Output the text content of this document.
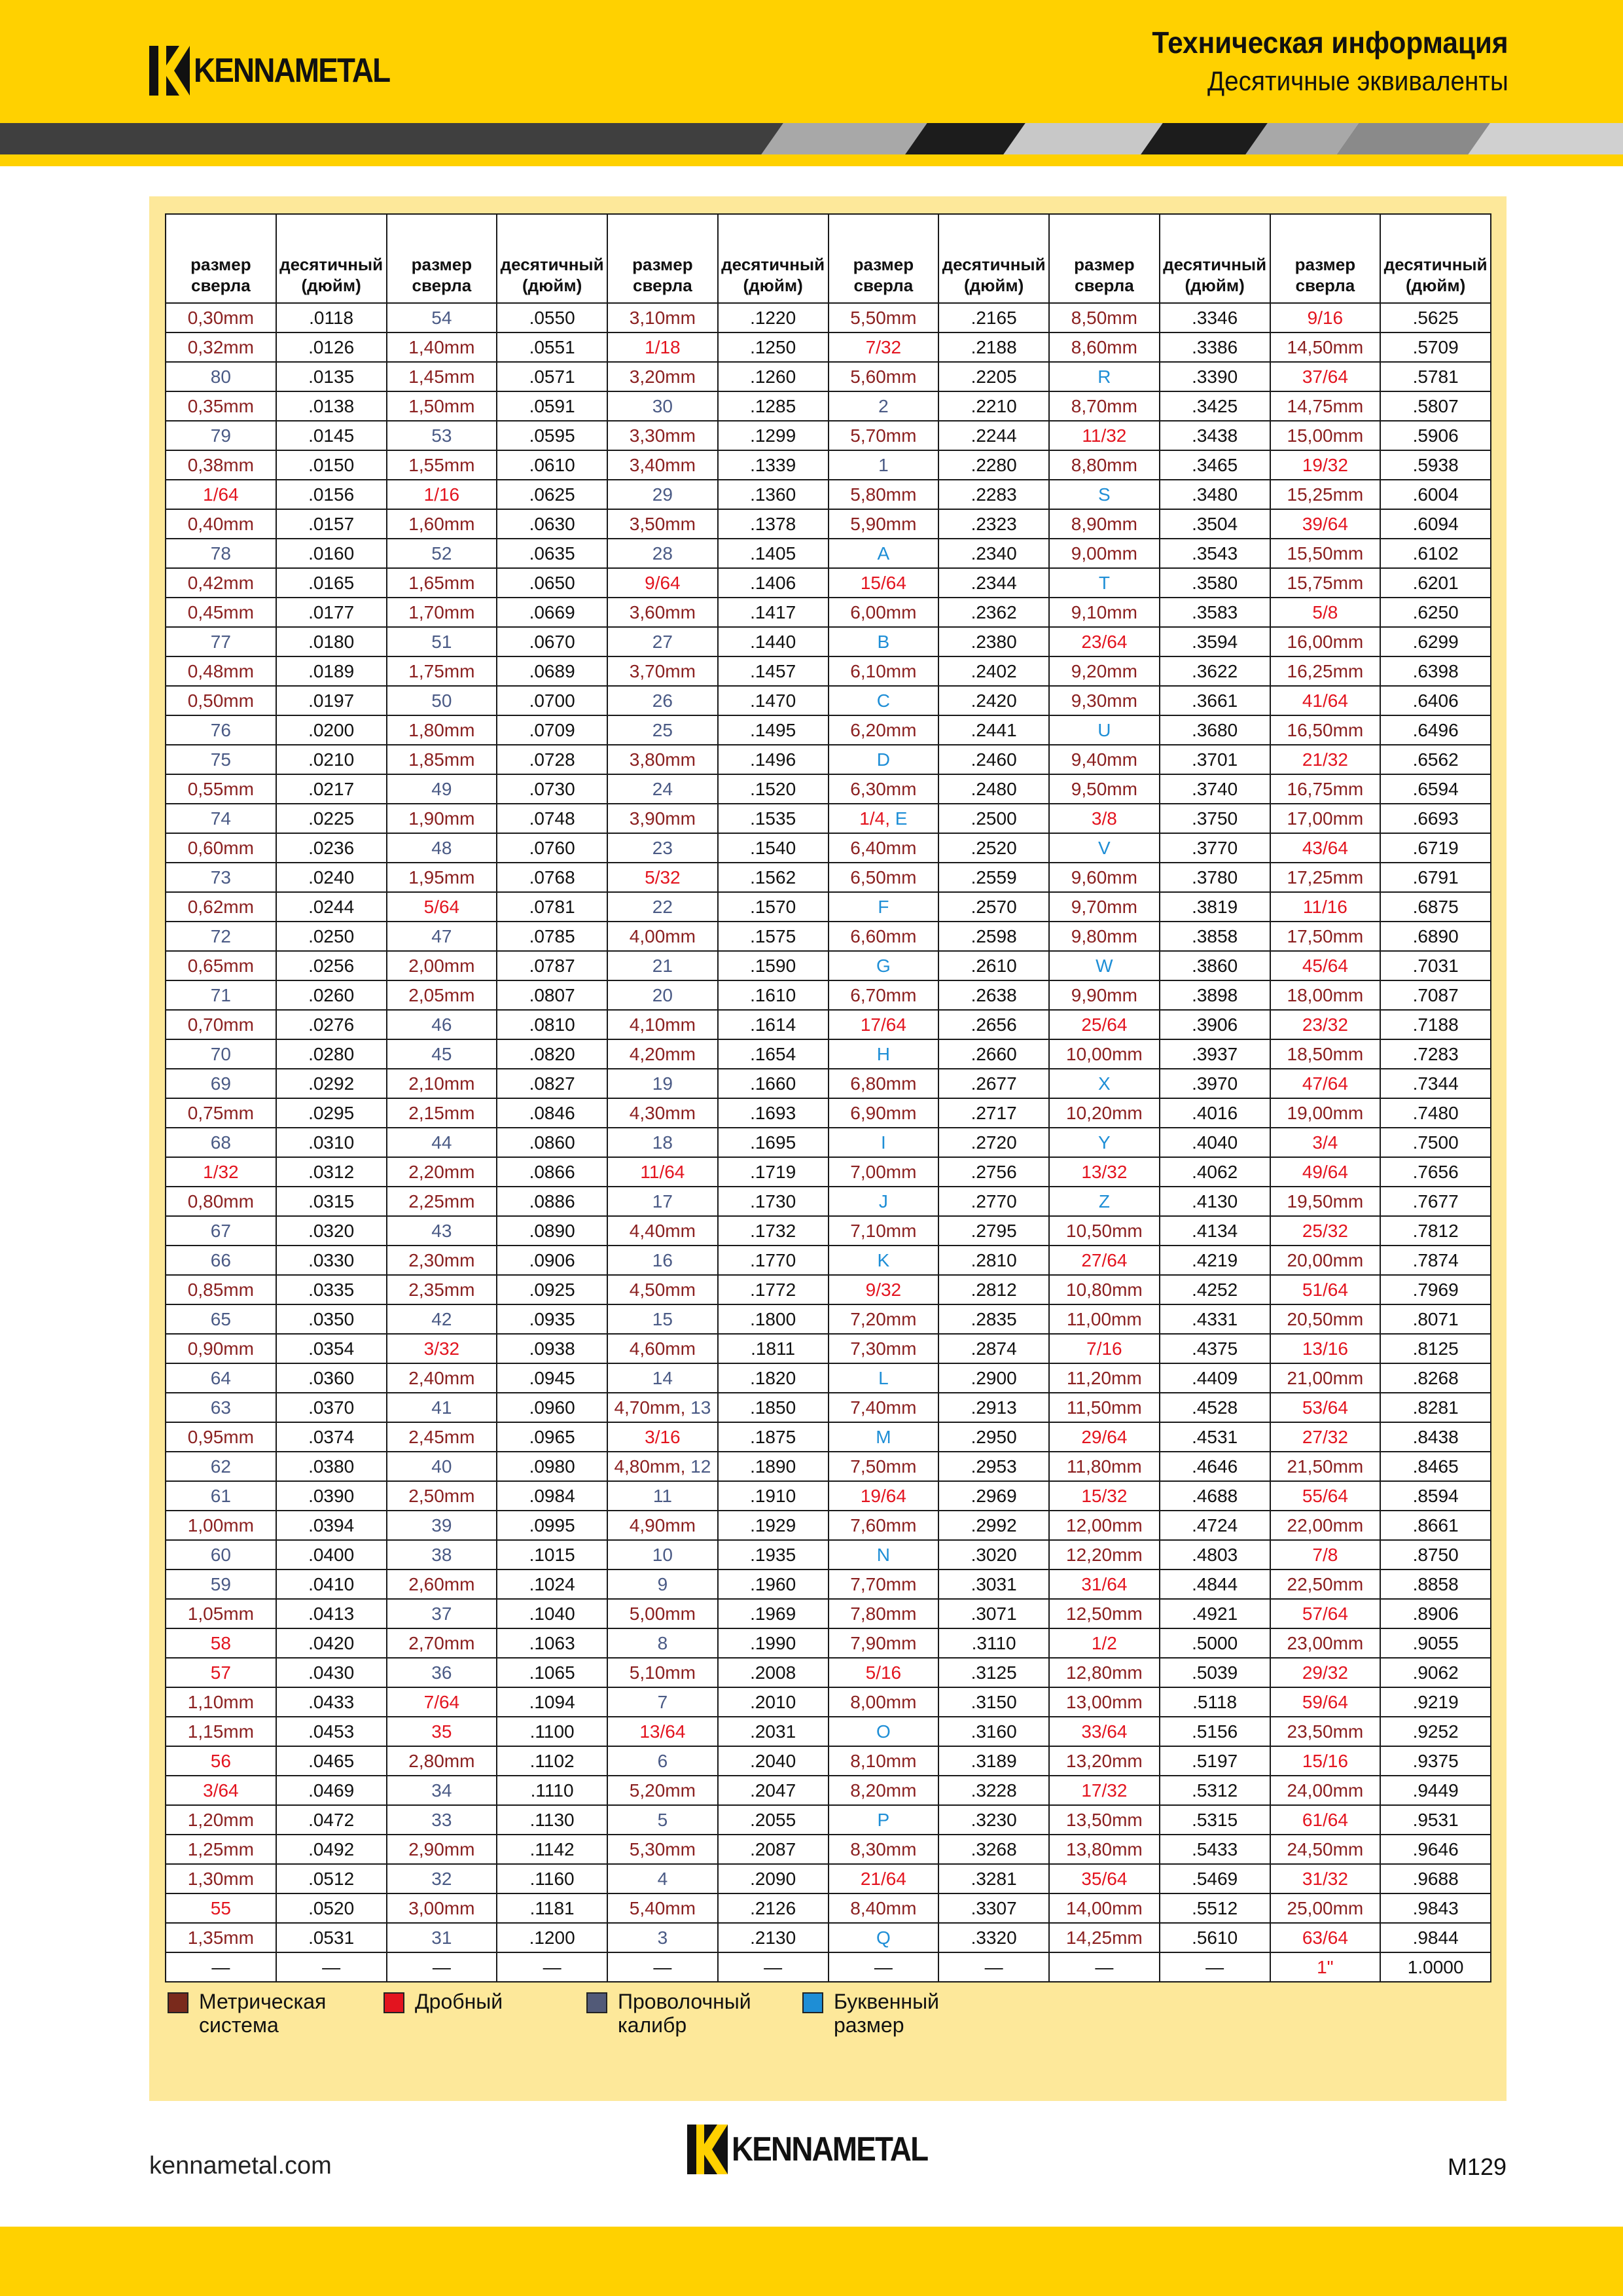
KENNAMETAL
Техническая информация
Десятичные эквиваленты
размер сверла	десятичный (дюйм)	размер сверла	десятичный (дюйм)	размер сверла	десятичный (дюйм)	размер сверла	десятичный (дюйм)	размер сверла	десятичный (дюйм)	размер сверла	десятичный (дюйм)
0,30mm	.0118	54	.0550	3,10mm	.1220	5,50mm	.2165	8,50mm	.3346	9/16	.5625
0,32mm	.0126	1,40mm	.0551	1/18	.1250	7/32	.2188	8,60mm	.3386	14,50mm	.5709
80	.0135	1,45mm	.0571	3,20mm	.1260	5,60mm	.2205	R	.3390	37/64	.5781
0,35mm	.0138	1,50mm	.0591	30	.1285	2	.2210	8,70mm	.3425	14,75mm	.5807
79	.0145	53	.0595	3,30mm	.1299	5,70mm	.2244	11/32	.3438	15,00mm	.5906
0,38mm	.0150	1,55mm	.0610	3,40mm	.1339	1	.2280	8,80mm	.3465	19/32	.5938
1/64	.0156	1/16	.0625	29	.1360	5,80mm	.2283	S	.3480	15,25mm	.6004
0,40mm	.0157	1,60mm	.0630	3,50mm	.1378	5,90mm	.2323	8,90mm	.3504	39/64	.6094
78	.0160	52	.0635	28	.1405	A	.2340	9,00mm	.3543	15,50mm	.6102
0,42mm	.0165	1,65mm	.0650	9/64	.1406	15/64	.2344	T	.3580	15,75mm	.6201
0,45mm	.0177	1,70mm	.0669	3,60mm	.1417	6,00mm	.2362	9,10mm	.3583	5/8	.6250
77	.0180	51	.0670	27	.1440	B	.2380	23/64	.3594	16,00mm	.6299
0,48mm	.0189	1,75mm	.0689	3,70mm	.1457	6,10mm	.2402	9,20mm	.3622	16,25mm	.6398
0,50mm	.0197	50	.0700	26	.1470	C	.2420	9,30mm	.3661	41/64	.6406
76	.0200	1,80mm	.0709	25	.1495	6,20mm	.2441	U	.3680	16,50mm	.6496
75	.0210	1,85mm	.0728	3,80mm	.1496	D	.2460	9,40mm	.3701	21/32	.6562
0,55mm	.0217	49	.0730	24	.1520	6,30mm	.2480	9,50mm	.3740	16,75mm	.6594
74	.0225	1,90mm	.0748	3,90mm	.1535	1/4, E	.2500	3/8	.3750	17,00mm	.6693
0,60mm	.0236	48	.0760	23	.1540	6,40mm	.2520	V	.3770	43/64	.6719
73	.0240	1,95mm	.0768	5/32	.1562	6,50mm	.2559	9,60mm	.3780	17,25mm	.6791
0,62mm	.0244	5/64	.0781	22	.1570	F	.2570	9,70mm	.3819	11/16	.6875
72	.0250	47	.0785	4,00mm	.1575	6,60mm	.2598	9,80mm	.3858	17,50mm	.6890
0,65mm	.0256	2,00mm	.0787	21	.1590	G	.2610	W	.3860	45/64	.7031
71	.0260	2,05mm	.0807	20	.1610	6,70mm	.2638	9,90mm	.3898	18,00mm	.7087
0,70mm	.0276	46	.0810	4,10mm	.1614	17/64	.2656	25/64	.3906	23/32	.7188
70	.0280	45	.0820	4,20mm	.1654	H	.2660	10,00mm	.3937	18,50mm	.7283
69	.0292	2,10mm	.0827	19	.1660	6,80mm	.2677	X	.3970	47/64	.7344
0,75mm	.0295	2,15mm	.0846	4,30mm	.1693	6,90mm	.2717	10,20mm	.4016	19,00mm	.7480
68	.0310	44	.0860	18	.1695	I	.2720	Y	.4040	3/4	.7500
1/32	.0312	2,20mm	.0866	11/64	.1719	7,00mm	.2756	13/32	.4062	49/64	.7656
0,80mm	.0315	2,25mm	.0886	17	.1730	J	.2770	Z	.4130	19,50mm	.7677
67	.0320	43	.0890	4,40mm	.1732	7,10mm	.2795	10,50mm	.4134	25/32	.7812
66	.0330	2,30mm	.0906	16	.1770	K	.2810	27/64	.4219	20,00mm	.7874
0,85mm	.0335	2,35mm	.0925	4,50mm	.1772	9/32	.2812	10,80mm	.4252	51/64	.7969
65	.0350	42	.0935	15	.1800	7,20mm	.2835	11,00mm	.4331	20,50mm	.8071
0,90mm	.0354	3/32	.0938	4,60mm	.1811	7,30mm	.2874	7/16	.4375	13/16	.8125
64	.0360	2,40mm	.0945	14	.1820	L	.2900	11,20mm	.4409	21,00mm	.8268
63	.0370	41	.0960	4,70mm, 13	.1850	7,40mm	.2913	11,50mm	.4528	53/64	.8281
0,95mm	.0374	2,45mm	.0965	3/16	.1875	M	.2950	29/64	.4531	27/32	.8438
62	.0380	40	.0980	4,80mm, 12	.1890	7,50mm	.2953	11,80mm	.4646	21,50mm	.8465
61	.0390	2,50mm	.0984	11	.1910	19/64	.2969	15/32	.4688	55/64	.8594
1,00mm	.0394	39	.0995	4,90mm	.1929	7,60mm	.2992	12,00mm	.4724	22,00mm	.8661
60	.0400	38	.1015	10	.1935	N	.3020	12,20mm	.4803	7/8	.8750
59	.0410	2,60mm	.1024	9	.1960	7,70mm	.3031	31/64	.4844	22,50mm	.8858
1,05mm	.0413	37	.1040	5,00mm	.1969	7,80mm	.3071	12,50mm	.4921	57/64	.8906
58	.0420	2,70mm	.1063	8	.1990	7,90mm	.3110	1/2	.5000	23,00mm	.9055
57	.0430	36	.1065	5,10mm	.2008	5/16	.3125	12,80mm	.5039	29/32	.9062
1,10mm	.0433	7/64	.1094	7	.2010	8,00mm	.3150	13,00mm	.5118	59/64	.9219
1,15mm	.0453	35	.1100	13/64	.2031	O	.3160	33/64	.5156	23,50mm	.9252
56	.0465	2,80mm	.1102	6	.2040	8,10mm	.3189	13,20mm	.5197	15/16	.9375
3/64	.0469	34	.1110	5,20mm	.2047	8,20mm	.3228	17/32	.5312	24,00mm	.9449
1,20mm	.0472	33	.1130	5	.2055	P	.3230	13,50mm	.5315	61/64	.9531
1,25mm	.0492	2,90mm	.1142	5,30mm	.2087	8,30mm	.3268	13,80mm	.5433	24,50mm	.9646
1,30mm	.0512	32	.1160	4	.2090	21/64	.3281	35/64	.5469	31/32	.9688
55	.0520	3,00mm	.1181	5,40mm	.2126	8,40mm	.3307	14,00mm	.5512	25,00mm	.9843
1,35mm	.0531	31	.1200	3	.2130	Q	.3320	14,25mm	.5610	63/64	.9844
—	—	—	—	—	—	—	—	—	—	1"	1.0000
Метрическая
система
Дробный	Проволочный
калибр
Буквенный
размер
kennametal.com	KENNAMETAL	M129
